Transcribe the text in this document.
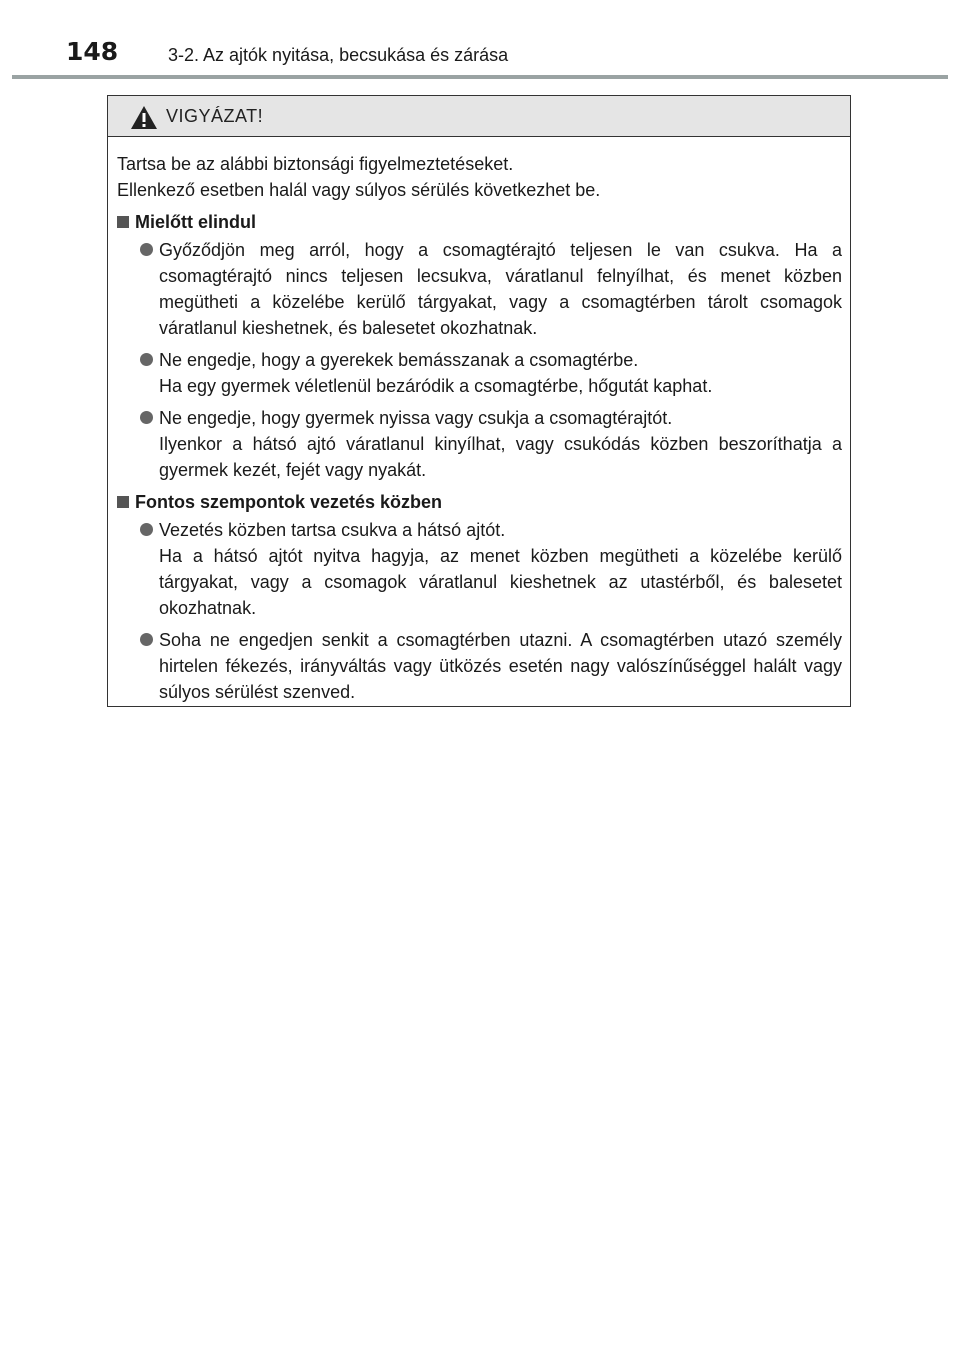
148	3-2. Az ajtók nyitása, becsukása és zárása
VIGYÁZAT!
Tartsa be az alábbi biztonsági figyelmeztetéseket.
Ellenkező esetben halál vagy súlyos sérülés következhet be.
Mielőtt elindul
Győződjön meg arról, hogy a csomagtérajtó teljesen le van csukva. Ha a csomagtérajtó nincs teljesen lecsukva, váratlanul felnyílhat, és menet közben megütheti a közelébe kerülő tárgyakat, vagy a csomagtérben tárolt csomagok váratlanul kieshetnek, és balesetet okozhatnak.
Ne engedje, hogy a gyerekek bemásszanak a csomagtérbe.
Ha egy gyermek véletlenül bezáródik a csomagtérbe, hőgutát kaphat.
Ne engedje, hogy gyermek nyissa vagy csukja a csomagtérajtót.
Ilyenkor a hátsó ajtó váratlanul kinyílhat, vagy csukódás közben beszoríthatja a gyermek kezét, fejét vagy nyakát.
Fontos szempontok vezetés közben
Vezetés közben tartsa csukva a hátsó ajtót.
Ha a hátsó ajtót nyitva hagyja, az menet közben megütheti a közelébe kerülő tárgyakat, vagy a csomagok váratlanul kieshetnek az utastérből, és balesetet okozhatnak.
Soha ne engedjen senkit a csomagtérben utazni. A csomagtérben utazó személy hirtelen fékezés, irányváltás vagy ütközés esetén nagy valószínűséggel halált vagy súlyos sérülést szenved.
